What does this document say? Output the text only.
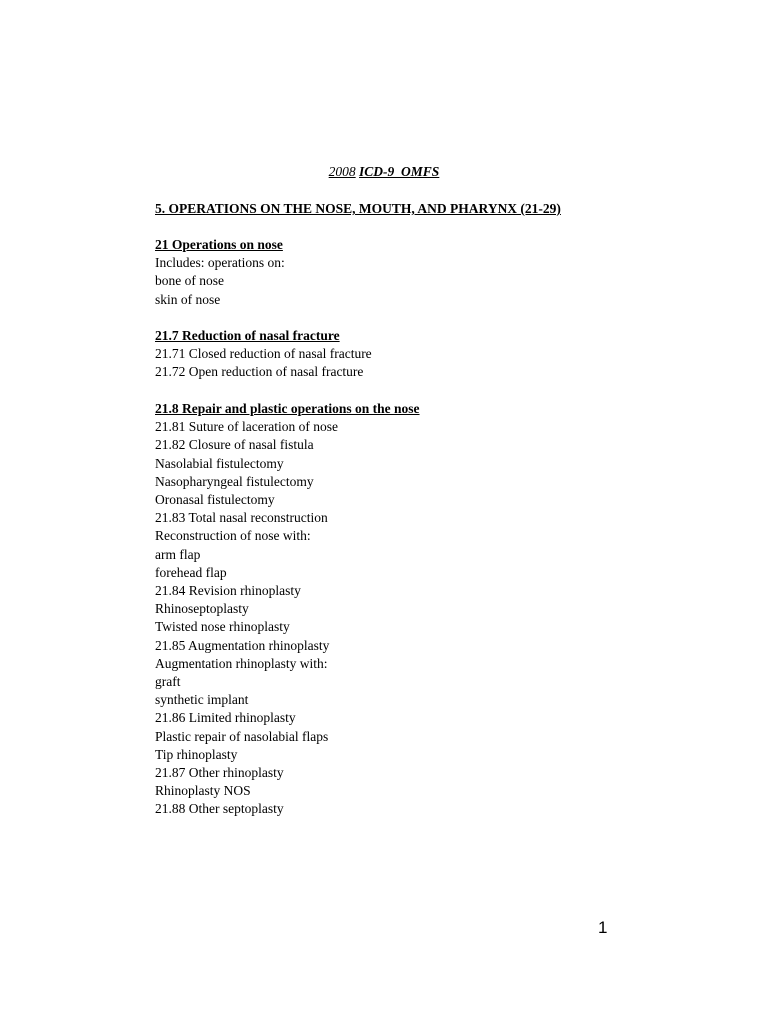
2008 ICD-9  OMFS
5. OPERATIONS ON THE NOSE, MOUTH, AND PHARYNX (21-29)
21 Operations on nose
Includes: operations on:
bone of nose
skin of nose
21.7 Reduction of nasal fracture
21.71 Closed reduction of nasal fracture
21.72 Open reduction of nasal fracture
21.8 Repair and plastic operations on the nose
21.81 Suture of laceration of nose
21.82 Closure of nasal fistula
Nasolabial fistulectomy
Nasopharyngeal fistulectomy
Oronasal fistulectomy
21.83 Total nasal reconstruction
Reconstruction of nose with:
arm flap
forehead flap
21.84 Revision rhinoplasty
Rhinoseptoplasty
Twisted nose rhinoplasty
21.85 Augmentation rhinoplasty
Augmentation rhinoplasty with:
graft
synthetic implant
21.86 Limited rhinoplasty
Plastic repair of nasolabial flaps
Tip rhinoplasty
21.87 Other rhinoplasty
Rhinoplasty NOS
21.88 Other septoplasty
1
